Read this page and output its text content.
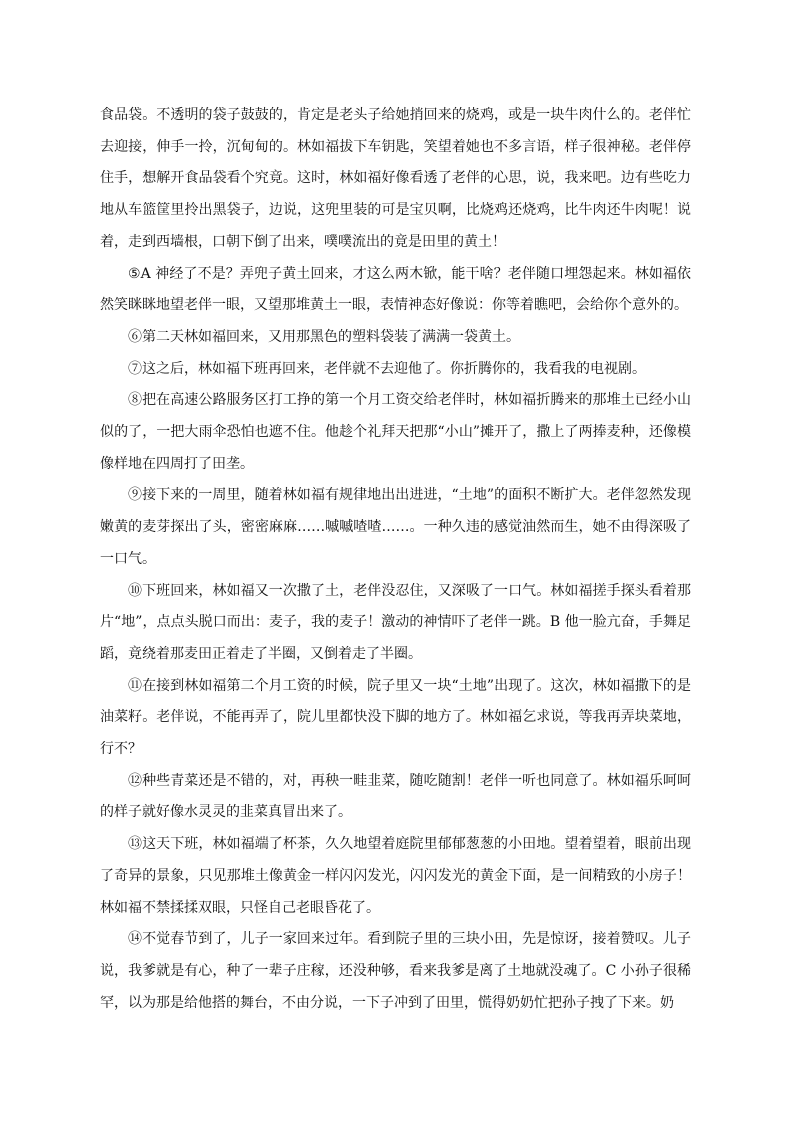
食品袋。不透明的袋子鼓鼓的，肯定是老头子给她捎回来的烧鸡，或是一块牛肉什么的。老伴忙去迎接，伸手一拎，沉甸甸的。林如福拔下车钥匙，笑望着她也不多言语，样子很神秘。老伴停住手，想解开食品袋看个究竟。这时，林如福好像看透了老伴的心思，说，我来吧。边有些吃力地从车篮筐里拎出黑袋子，边说，这兜里装的可是宝贝啊，比烧鸡还烧鸡，比牛肉还牛肉呢！说着，走到西墙根，口朝下倒了出来，噗噗流出的竟是田里的黄土！

⑤A 神经了不是？弄兜子黄土回来，才这么两木锨，能干啥？老伴随口埋怨起来。林如福依然笑眯眯地望老伴一眼，又望那堆黄土一眼，表情神态好像说：你等着瞧吧，会给你个意外的。

⑥第二天林如福回来，又用那黑色的塑料袋装了满满一袋黄土。

⑦这之后，林如福下班再回来，老伴就不去迎他了。你折腾你的，我看我的电视剧。

⑧把在高速公路服务区打工挣的第一个月工资交给老伴时，林如福折腾来的那堆土已经小山似的了，一把大雨伞恐怕也遮不住。他趁个礼拜天把那“小山”摊开了，撒上了两捧麦种，还像模像样地在四周打了田垄。

⑨接下来的一周里，随着林如福有规律地出出进进，“土地”的面积不断扩大。老伴忽然发现嫩黄的麦芽探出了头，密密麻麻……嘁嘁喳喳……。一种久违的感觉油然而生，她不由得深吸了一口气。

⑩下班回来，林如福又一次撒了土，老伴没忍住，又深吸了一口气。林如福搓手探头看着那片“地”，点点头脱口而出：麦子，我的麦子！激动的神情吓了老伴一跳。B 他一脸亢奋，手舞足蹈，竟绕着那麦田正着走了半圈，又倒着走了半圈。

⑪在接到林如福第二个月工资的时候，院子里又一块“土地”出现了。这次，林如福撒下的是油菜籽。老伴说，不能再弄了，院儿里都快没下脚的地方了。林如福乞求说，等我再弄块菜地，行不？

⑫种些青菜还是不错的，对，再秧一畦韭菜，随吃随割！老伴一听也同意了。林如福乐呵呵的样子就好像水灵灵的韭菜真冒出来了。

⑬这天下班，林如福端了杯茶，久久地望着庭院里郁郁葱葱的小田地。望着望着，眼前出现了奇异的景象，只见那堆土像黄金一样闪闪发光，闪闪发光的黄金下面，是一间精致的小房子！林如福不禁揉揉双眼，只怪自己老眼昏花了。

⑭不觉春节到了，儿子一家回来过年。看到院子里的三块小田，先是惊讶，接着赞叹。儿子说，我爹就是有心，种了一辈子庄稼，还没种够，看来我爹是离了土地就没魂了。C 小孙子很稀罕，以为那是给他搭的舞台，不由分说，一下子冲到了田里，慌得奶奶忙把孙子拽了下来。奶
